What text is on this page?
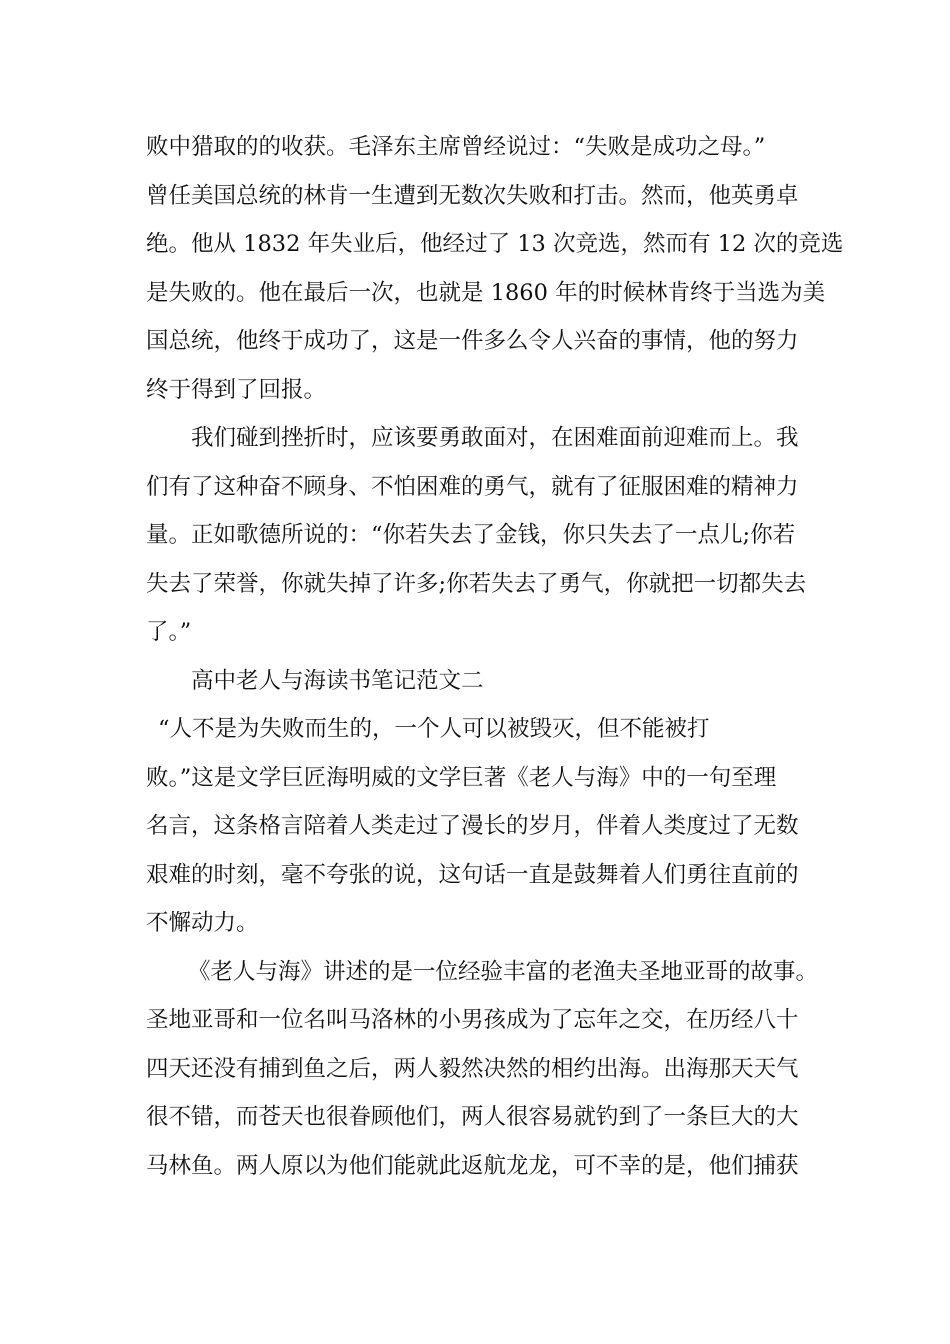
败中猎取的的收获。毛泽东主席曾经说过：“失败是成功之母。”
曾任美国总统的林肯一生遭到无数次失败和打击。然而，他英勇卓
绝。他从 1832 年失业后，他经过了 13 次竞选，然而有 12 次的竞选
是失败的。他在最后一次，也就是 1860 年的时候林肯终于当选为美
国总统，他终于成功了，这是一件多么令人兴奋的事情，他的努力
终于得到了回报。
我们碰到挫折时，应该要勇敢面对，在困难面前迎难而上。我
们有了这种奋不顾身、不怕困难的勇气，就有了征服困难的精神力
量。正如歌德所说的：“你若失去了金钱，你只失去了一点儿;你若
失去了荣誉，你就失掉了许多;你若失去了勇气，你就把一切都失去
了。”
高中老人与海读书笔记范文二
“人不是为失败而生的，一个人可以被毁灭，但不能被打
败。”这是文学巨匠海明威的文学巨著《老人与海》中的一句至理
名言，这条格言陪着人类走过了漫长的岁月，伴着人类度过了无数
艰难的时刻，毫不夸张的说，这句话一直是鼓舞着人们勇往直前的
不懈动力。
《老人与海》讲述的是一位经验丰富的老渔夫圣地亚哥的故事。
圣地亚哥和一位名叫马洛林的小男孩成为了忘年之交，在历经八十
四天还没有捕到鱼之后，两人毅然决然的相约出海。出海那天天气
很不错，而苍天也很眷顾他们，两人很容易就钓到了一条巨大的大
马林鱼。两人原以为他们能就此返航龙龙，可不幸的是，他们捕获
